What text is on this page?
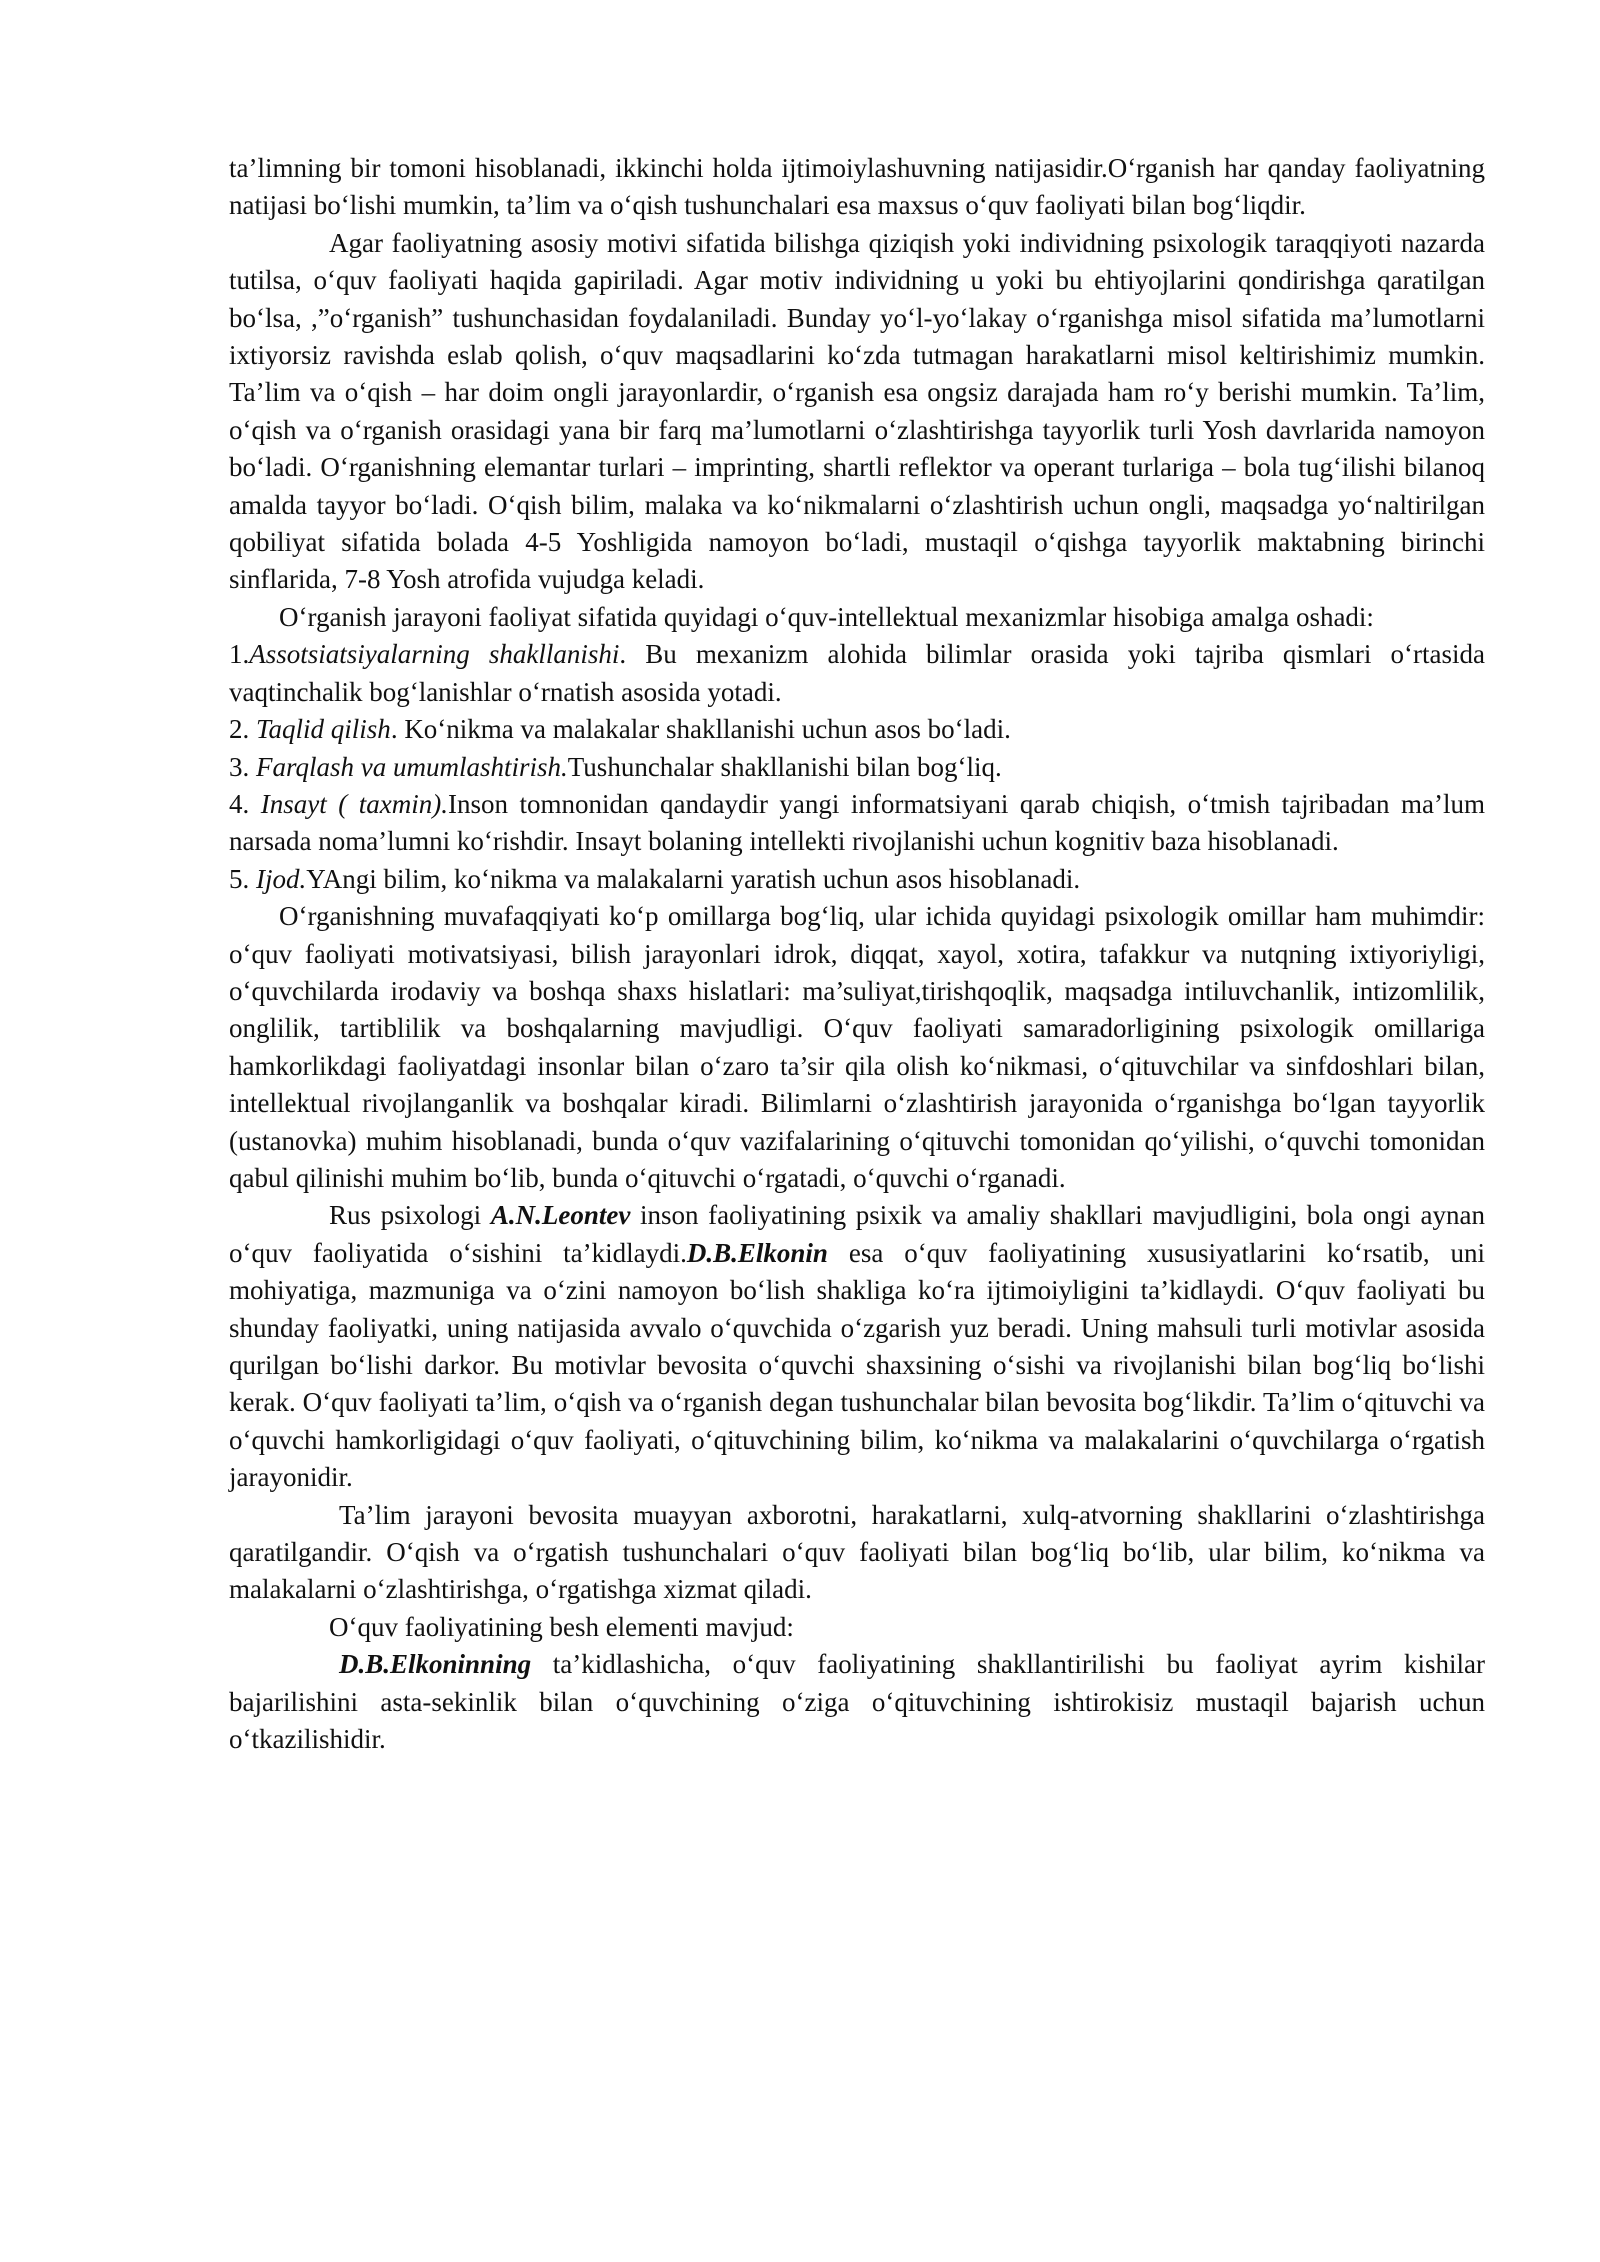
ta’limning bir tomoni hisoblanadi, ikkinchi holda ijtimoiylashuvning natijasidir.O‘rganish har qanday faoliyatning natijasi bo‘lishi mumkin, ta’lim va o‘qish tushunchalari esa maxsus o‘quv faoliyati bilan bog‘liqdir.

Agar faoliyatning asosiy motivi sifatida bilishga qiziqish yoki individning psixologik taraqqiyoti nazarda tutilsa, o‘quv faoliyati haqida gapiriladi. Agar motiv individning u yoki bu ehtiyojlarini qondirishga qaratilgan bo‘lsa, ,”o‘rganish” tushunchasidan foydalaniladi. Bunday yo‘l-yo‘lakay o‘rganishga misol sifatida ma’lumotlarni ixtiyorsiz ravishda eslab qolish, o‘quv maqsadlarini ko‘zda tutmagan harakatlarni misol keltirishimiz mumkin. Ta’lim va o‘qish – har doim ongli jarayonlardir, o‘rganish esa ongsiz darajada ham ro‘y berishi mumkin. Ta’lim, o‘qish va o‘rganish orasidagi yana bir farq ma’lumotlarni o‘zlashtirishga tayyorlik turli Yosh davrlarida namoyon bo‘ladi. O‘rganishning elemantar turlari – imprinting, shartli reflektor va operant turlariga – bola tug‘ilishi bilanoq amalda tayyor bo‘ladi. O‘qish bilim, malaka va ko‘nikmalarni o‘zlashtirish uchun ongli, maqsadga yo‘naltirilgan qobiliyat sifatida bolada 4-5 Yoshligida namoyon bo‘ladi, mustaqil o‘qishga tayyorlik maktabning birinchi sinflarida, 7-8 Yosh atrofida vujudga keladi.

O‘rganish jarayoni faoliyat sifatida quyidagi o‘quv-intellektual mexanizmlar hisobiga amalga oshadi:

1.Assotsiatsiyalarning shakllanishi. Bu mexanizm alohida bilimlar orasida yoki tajriba qismlari o‘rtasida vaqtinchalik bog‘lanishlar o‘rnatish asosida yotadi.

2. Taqlid qilish. Ko‘nikma va malakalar shakllanishi uchun asos bo‘ladi.

3. Farqlash va umumlashtirish.Tushunchalar shakllanishi bilan bog‘liq.

4. Insayt ( taxmin).Inson tomnonidan qandaydir yangi informatsiyani qarab chiqish, o‘tmish tajribadan ma’lum narsada noma’lumni ko‘rishdir. Insayt bolaning intellekti rivojlanishi uchun kognitiv baza hisoblanadi.

5. Ijod.YAngi bilim, ko‘nikma va malakalarni yaratish uchun asos hisoblanadi.

O‘rganishning muvafaqqiyati ko‘p omillarga bog‘liq, ular ichida quyidagi psixologik omillar ham muhimdir: o‘quv faoliyati motivatsiyasi, bilish jarayonlari idrok, diqqat, xayol, xotira, tafakkur va nutqning ixtiyoriyligi, o‘quvchilarda irodaviy va boshqa shaxs hislatlari: ma’suliyat,tirishqoqlik, maqsadga intiluvchanlik, intizomlilik, onglilik, tartiblilik va boshqalarning mavjudligi. O‘quv faoliyati samaradorligining psixologik omillariga hamkorlikdagi faoliyatdagi insonlar bilan o‘zaro ta’sir qila olish ko‘nikmasi, o‘qituvchilar va sinfdoshlari bilan, intellektual rivojlanganlik va boshqalar kiradi. Bilimlarni o‘zlashtirish jarayonida o‘rganishga bo‘lgan tayyorlik (ustanovka) muhim hisoblanadi, bunda o‘quv vazifalarining o‘qituvchi tomonidan qo‘yilishi, o‘quvchi tomonidan qabul qilinishi muhim bo‘lib, bunda o‘qituvchi o‘rgatadi, o‘quvchi o‘rganadi.

Rus psixologi A.N.Leontev inson faoliyatining psixik va amaliy shakllari mavjudligini, bola ongi aynan o‘quv faoliyatida o‘sishini ta’kidlaydi.D.B.Elkonin esa o‘quv faoliyatining xususiyatlarini ko‘rsatib, uni mohiyatiga, mazmuniga va o‘zini namoyon bo‘lish shakliga ko‘ra ijtimoiyligini ta’kidlaydi. O‘quv faoliyati bu shunday faoliyatki, uning natijasida avvalo o‘quvchida o‘zgarish yuz beradi. Uning mahsuli turli motivlar asosida qurilgan bo‘lishi darkor. Bu motivlar bevosita o‘quvchi shaxsining o‘sishi va rivojlanishi bilan bog‘liq bo‘lishi kerak. O‘quv faoliyati ta’lim, o‘qish va o‘rganish degan tushunchalar bilan bevosita bog‘likdir. Ta’lim o‘qituvchi va o‘quvchi hamkorligidagi o‘quv faoliyati, o‘qituvchining bilim, ko‘nikma va malakalarini o‘quvchilarga o‘rgatish jarayonidir.

Ta’lim jarayoni bevosita muayyan axborotni, harakatlarni, xulq-atvorning shakllarini o‘zlashtirishga qaratilgandir. O‘qish va o‘rgatish tushunchalari o‘quv faoliyati bilan bog‘liq bo‘lib, ular bilim, ko‘nikma va malakalarni o‘zlashtirishga, o‘rgatishga xizmat qiladi.

O‘quv faoliyatining besh elementi mavjud:

D.B.Elkoninning ta’kidlashicha, o‘quv faoliyatining shakllantirilishi bu faoliyat ayrim kishilar bajarilishini asta-sekinlik bilan o‘quvchining o‘ziga o‘qituvchining ishtirokisiz mustaqil bajarish uchun o‘tkazilishidir.
